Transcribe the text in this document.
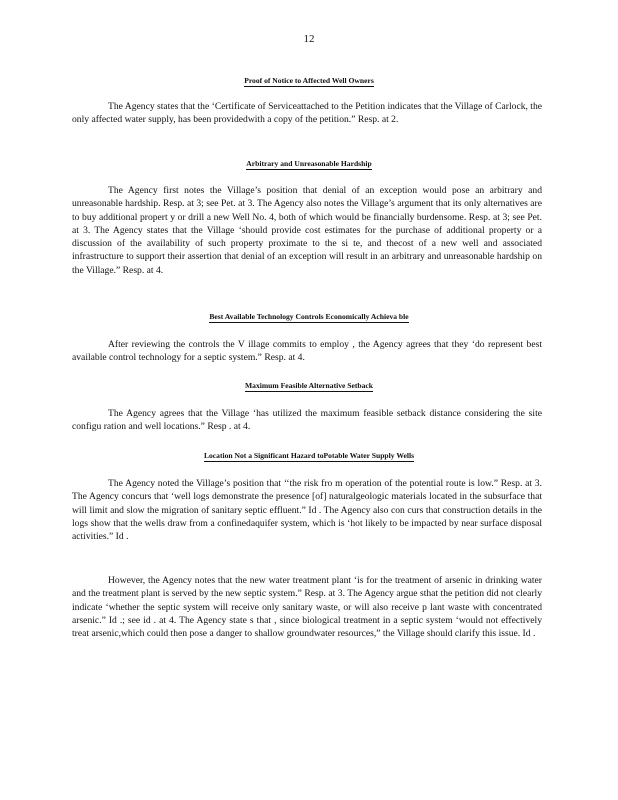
12
Proof of Notice to Affected Well Owners

The Agency states that the ‘Certificate of Serviceattached to the Petition indicates that the Village of Carlock, the only affected water supply, has been providedwith a copy of the petition.” Resp. at 2.

Arbitrary and Unreasonable Hardship

The Agency first notes the Village’s position that denial of an exception would pose an arbitrary and unreasonable hardship. Resp. at 3; see Pet. at 3. The Agency also notes the Village’s argument that its only alternatives are to buy additional propert y or drill a new Well No. 4, both of which would be financially burdensome. Resp. at 3; see Pet. at 3. The Agency states that the Village ‘should provide cost estimates for the purchase of additional property or a discussion of the availability of such property proximate to the si te, and thecost of a new well and associated infrastructure to support their assertion that denial of an exception will result in an arbitrary and unreasonable hardship on the Village.” Resp. at 4.

Best Available Technology Controls Economically Achieva ble

After reviewing the controls the V illage commits to employ , the Agency agrees that they ‘do represent best available control technology for a septic system.” Resp. at 4.

Maximum Feasible Alternative Setback

The Agency agrees that the Village ‘has utilized the maximum feasible setback distance considering the site configu ration and well locations.” Resp . at 4.

Location Not a Significant Hazard toPotable Water Supply Wells

The Agency noted the Village’s position that ‘‘the risk fro m operation of the potential route is low.” Resp. at 3. The Agency concurs that ‘well logs demonstrate the presence [of] naturalgeologic materials located in the subsurface that will limit and slow the migration of sanitary septic effluent.” Id . The Agency also con curs that construction details in the logs show that the wells draw from a confinedaquifer system, which is ‘hot likely to be impacted by near surface disposal activities.” Id .

However, the Agency notes that the new water treatment plant ‘is for the treatment of arsenic in drinking water and the treatment plant is served by the new septic system.” Resp. at 3. The Agency argue sthat the petition did not clearly indicate ‘whether the septic system will receive only sanitary waste, or will also receive p lant waste with concentrated arsenic.” Id .; see id . at 4. The Agency state s that , since biological treatment in a septic system ‘would not effectively treat arsenic,which could then pose a danger to shallow groundwater resources,” the Village should clarify this issue. Id .
